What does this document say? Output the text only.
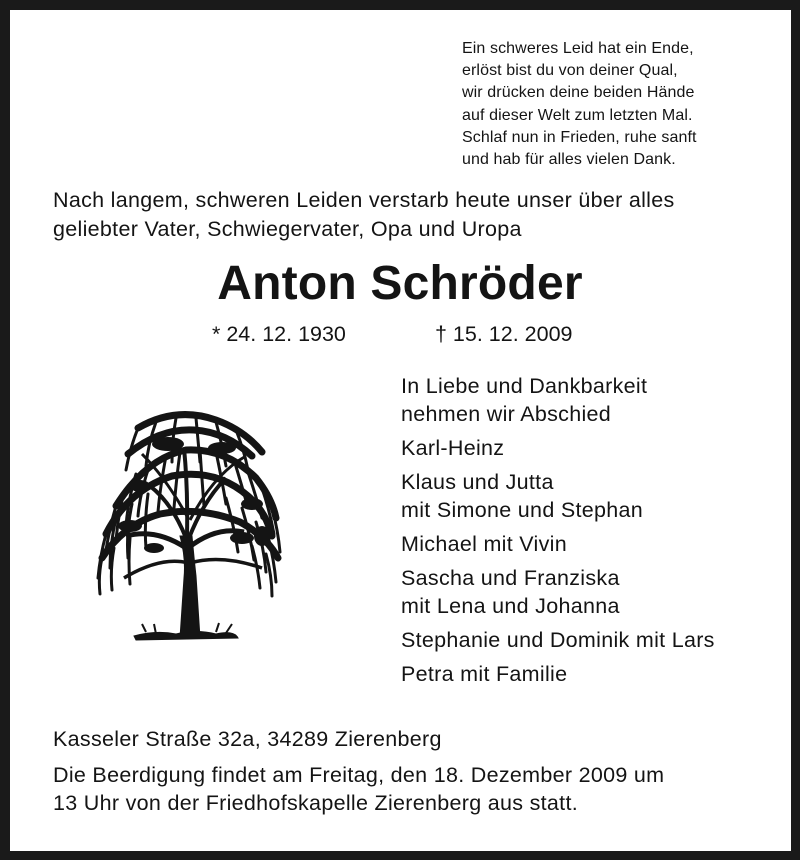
Ein schweres Leid hat ein Ende,
erlöst bist du von deiner Qual,
wir drücken deine beiden Hände
auf dieser Welt zum letzten Mal.
Schlaf nun in Frieden, ruhe sanft
und hab für alles vielen Dank.
Nach langem, schweren Leiden verstarb heute unser über alles
geliebter Vater, Schwiegervater, Opa und Uropa
Anton Schröder
* 24. 12. 1930	† 15. 12. 2009
In Liebe und Dankbarkeit
nehmen wir Abschied
Karl-Heinz
Klaus und Jutta
mit Simone und Stephan
Michael mit Vivin
Sascha und Franziska
mit Lena und Johanna
Stephanie und Dominik mit Lars
Petra mit Familie
Kasseler Straße 32a, 34289 Zierenberg
Die Beerdigung findet am Freitag, den 18. Dezember 2009 um
13 Uhr von der Friedhofskapelle Zierenberg aus statt.
